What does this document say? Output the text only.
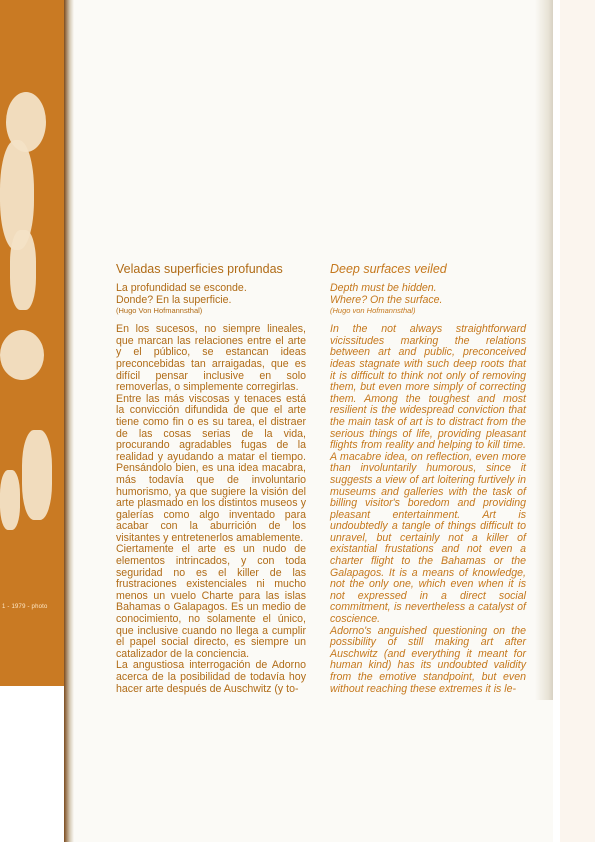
1 - 1979 - photo
Veladas superficies profundas

La profundidad se esconde.

Donde? En la superficie.

(Hugo Von Hofmannsthal)

En los sucesos, no siempre lineales, que marcan las relaciones entre el arte y el público, se estancan ideas preconcebidas tan arraigadas, que es difícil pensar inclusive en solo removerlas, o simplemente corregirlas.

Entre las más viscosas y tenaces está la convicción difundida de que el arte tiene como fin o es su tarea, el distraer de las cosas serias de la vida, procurando agradables fugas de la realidad y ayudando a matar el tiempo. Pensándolo bien, es una idea macabra, más todavía que de involuntario humorismo, ya que sugiere la visión del arte plasmado en los distintos museos y galerías como algo inventado para acabar con la aburrición de los visitantes y entretenerlos amablemente.

Ciertamente el arte es un nudo de elementos intrincados, y con toda seguridad no es el killer de las frustraciones existenciales ni mucho menos un vuelo Charte para las islas Bahamas o Galapagos. Es un medio de conocimiento, no solamente el único, que inclusive cuando no llega a cumplir el papel social directo, es siempre un catalizador de la conciencia.

La angustiosa interrogación de Adorno acerca de la posibilidad de todavía hoy hacer arte después de Auschwitz (y to-

Deep surfaces veiled

Depth must be hidden.

Where? On the surface.

(Hugo von Hofmannsthal)

In the not always straightforward vicissitudes marking the relations between art and public, preconceived ideas stagnate with such deep roots that it is difficult to think not only of removing them, but even more simply of correcting them. Among the toughest and most resilient is the widespread conviction that the main task of art is to distract from the serious things of life, providing pleasant flights from reality and helping to kill time. A macabre idea, on reflection, even more than involuntarily humorous, since it suggests a view of art loitering furtively in museums and galleries with the task of billing visitor's boredom and providing pleasant entertainment. Art is undoubtedly a tangle of things difficult to unravel, but certainly not a killer of existantial frustations and not even a charter flight to the Bahamas or the Galapagos. It is a means of knowledge, not the only one, which even when it is not expressed in a direct social commitment, is nevertheless a catalyst of coscience.

Adorno's anguished questioning on the possibility of still making art after Auschwitz (and everything it meant for human kind) has its undoubted validity from the emotive standpoint, but even without reaching these extremes it is le-
